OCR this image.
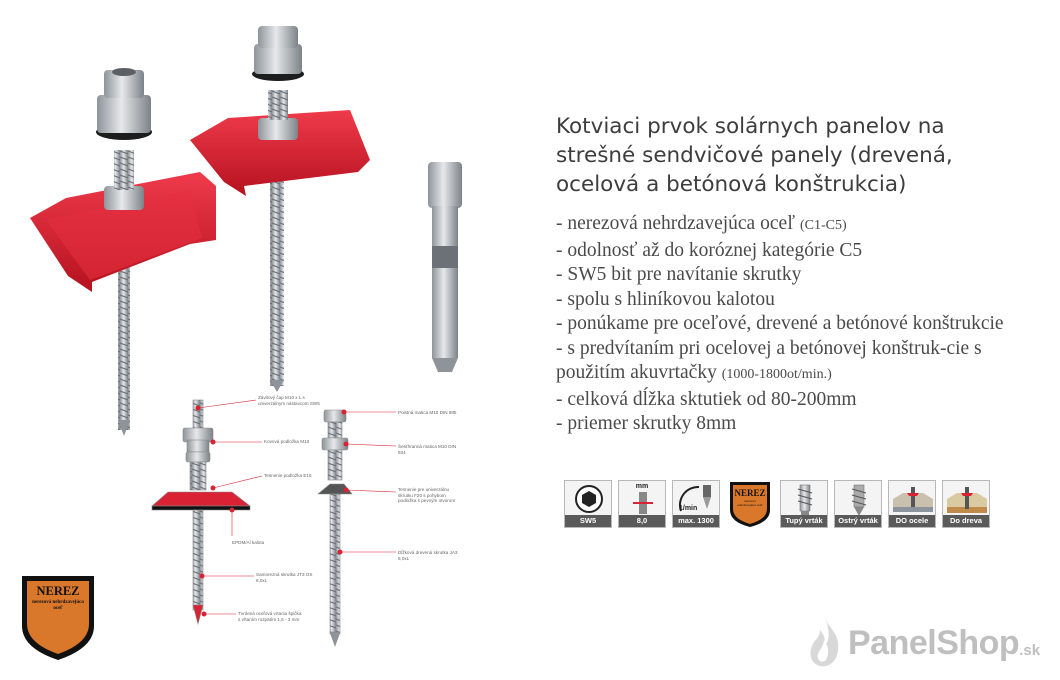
Závitový čap M10 x L s univerzálnym nástavcom SW5
Kovová podložka M10
Tesnenie podložka E16
EPDM/Al kalota
Samorezná skrutka JT3 OS 8,0xL
Tvrdená oceľová vrtacia špička s vŕtaním rozpätím 1,5 - 3 mm
Poistná matica M10 DIN 985
Šesťhranná matica M10 DIN 934
Tesnenie pre univerzálnu skrutku F20 s pohybom podložka s pevným otvorom
Dĺžková drevená skrutka JA3 8,0xL
NEREZ
nerezová nehrdzavejúca oceľ
Kotviaci prvok solárnych panelov na strešné sendvičové panely (drevená, ocelová a betónová konštrukcia)
- nerezová nehrdzavejúca oceľ (C1-C5)
- odolnosť až do koróznej kategórie C5
- SW5 bit pre navítanie skrutky
- spolu s hliníkovou kalotou
- ponúkame pre oceľové, drevené a betónové konštrukcie
- s predvítaním pri ocelovej a betónovej konštruk-cie s použitím akuvrtačky (1000-1800ot/min.)
- celková dĺžka sktutiek od 80-200mm
- priemer skrutky 8mm
SW5
mm
8,0
1/min
max. 1300
NEREZ
nerezová nehrdzavejúca oceľ
Tupý vrták	Ostrý vrták	DO ocele	Do dreva
PanelShop .sk
